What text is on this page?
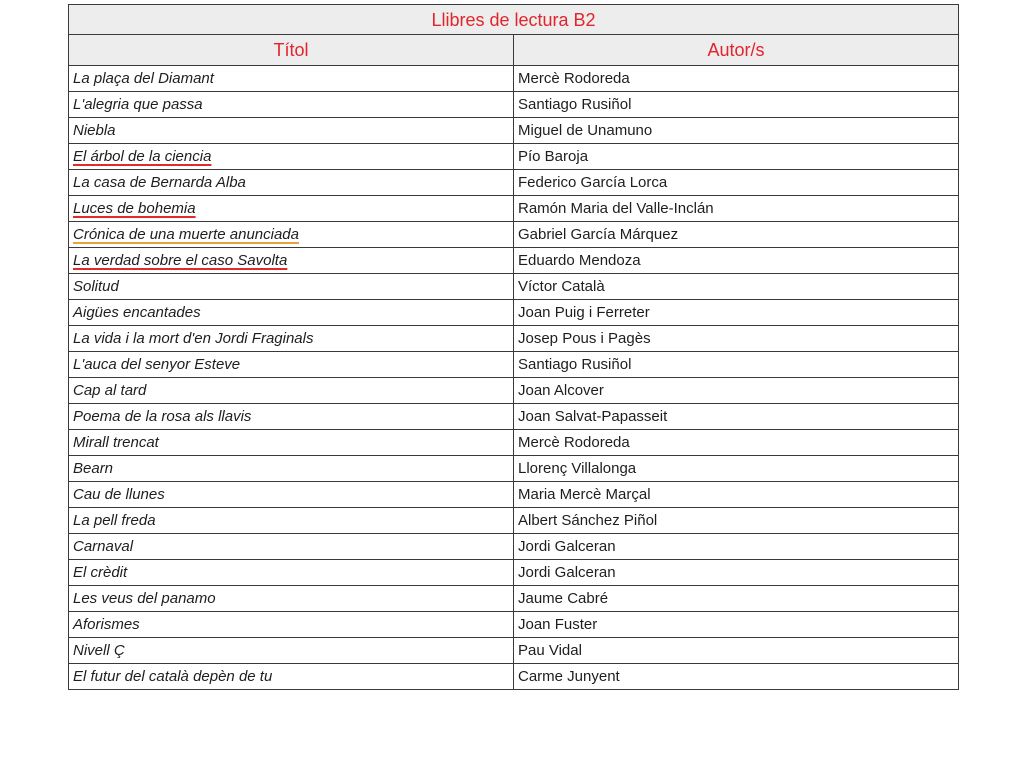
Llibres de lectura B2	
Títol	Autor/s
La plaça del Diamant	Mercè Rodoreda
L'alegria que passa	Santiago Rusiñol
Niebla	Miguel de Unamuno
El árbol de la ciencia	Pío Baroja
La casa de Bernarda Alba	Federico García Lorca
Luces de bohemia	Ramón Maria del Valle-Inclán
Crónica de una muerte anunciada	Gabriel García Márquez
La verdad sobre el caso Savolta	Eduardo Mendoza
Solitud	Víctor Català
Aigües encantades	Joan Puig i Ferreter
La vida i la mort d'en Jordi Fraginals	Josep Pous i Pagès
L'auca del senyor Esteve	Santiago Rusiñol
Cap al tard	Joan Alcover
Poema de la rosa als llavis	Joan Salvat-Papasseit
Mirall trencat	Mercè Rodoreda
Bearn	Llorenç Villalonga
Cau de llunes	Maria Mercè Marçal
La pell freda	Albert Sánchez Piñol
Carnaval	Jordi Galceran
El crèdit	Jordi Galceran
Les veus del panamo	Jaume Cabré
Aforismes	Joan Fuster
Nivell Ç	Pau Vidal
El futur del català depèn de tu	Carme Junyent
